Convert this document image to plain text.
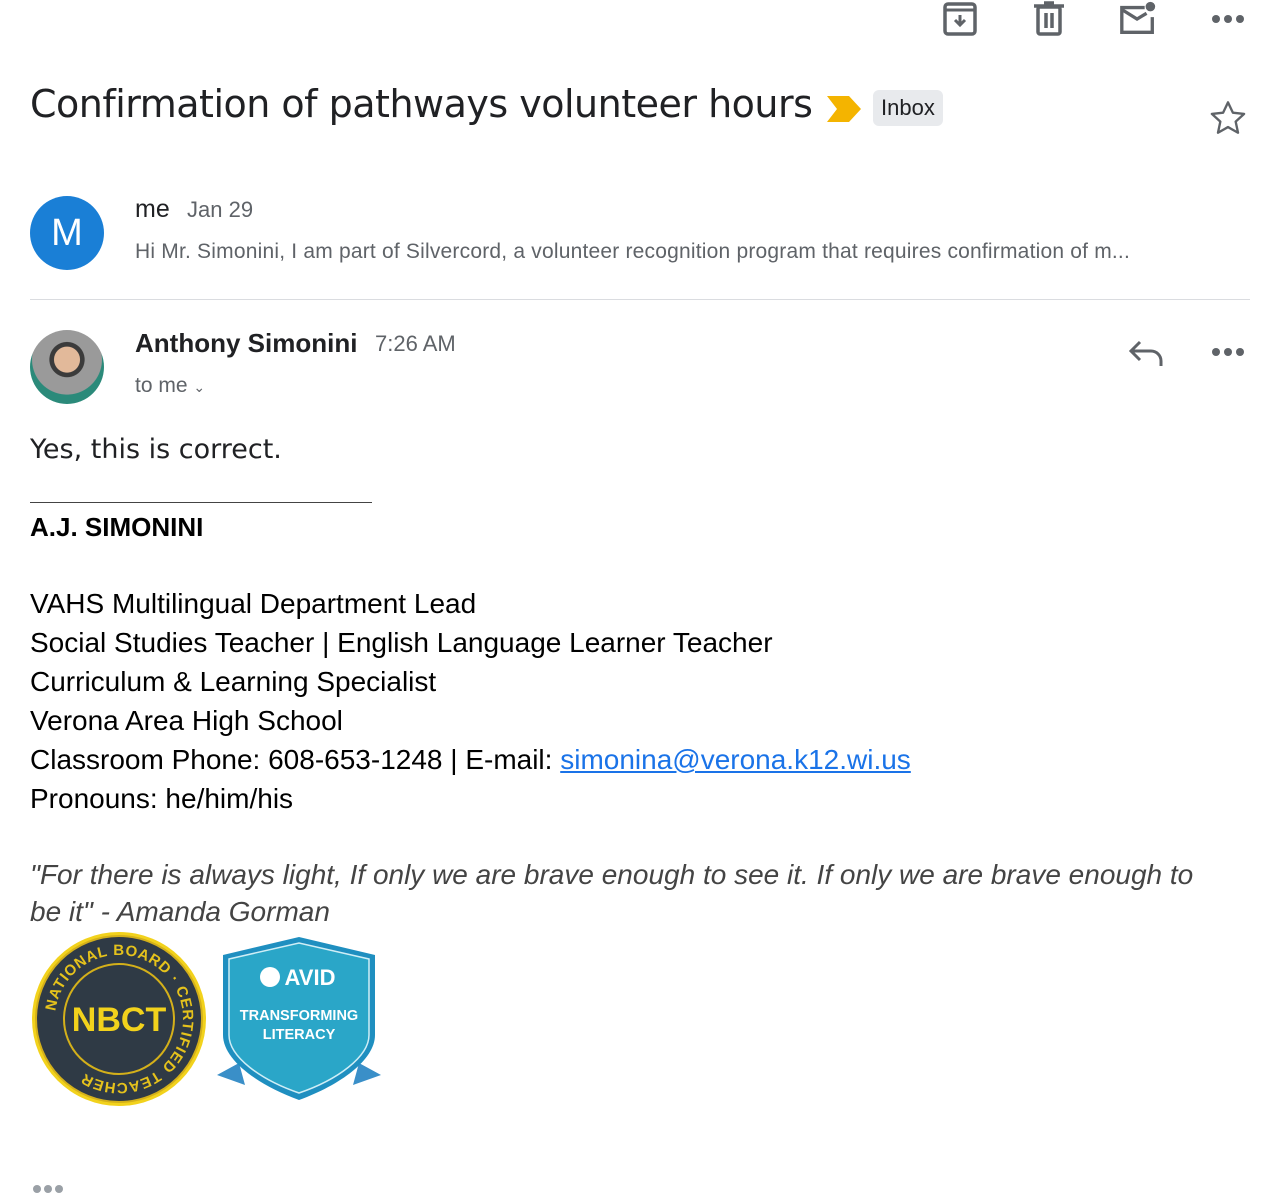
Confirmation of pathways volunteer hours	Inbox
M
me Jan 29
Hi Mr. Simonini, I am part of Silvercord, a volunteer recognition program that requires confirmation of m...
Anthony Simonini 7:26 AM
to me ⌄
Yes, this is correct.
A.J. SIMONINI
VAHS Multilingual Department Lead
Social Studies Teacher | English Language Learner Teacher
Curriculum & Learning Specialist
Verona Area High School
Classroom Phone: 608-653-1248 | E-mail: simonina@verona.k12.wi.us
Pronouns: he/him/his
"For there is always light, If only we are brave enough to see it. If only we are brave enough to be it" - Amanda Gorman
NATIONAL BOARD · CERTIFIED TEACHER
NBCT
AVID
TRANSFORMING LITERACY
